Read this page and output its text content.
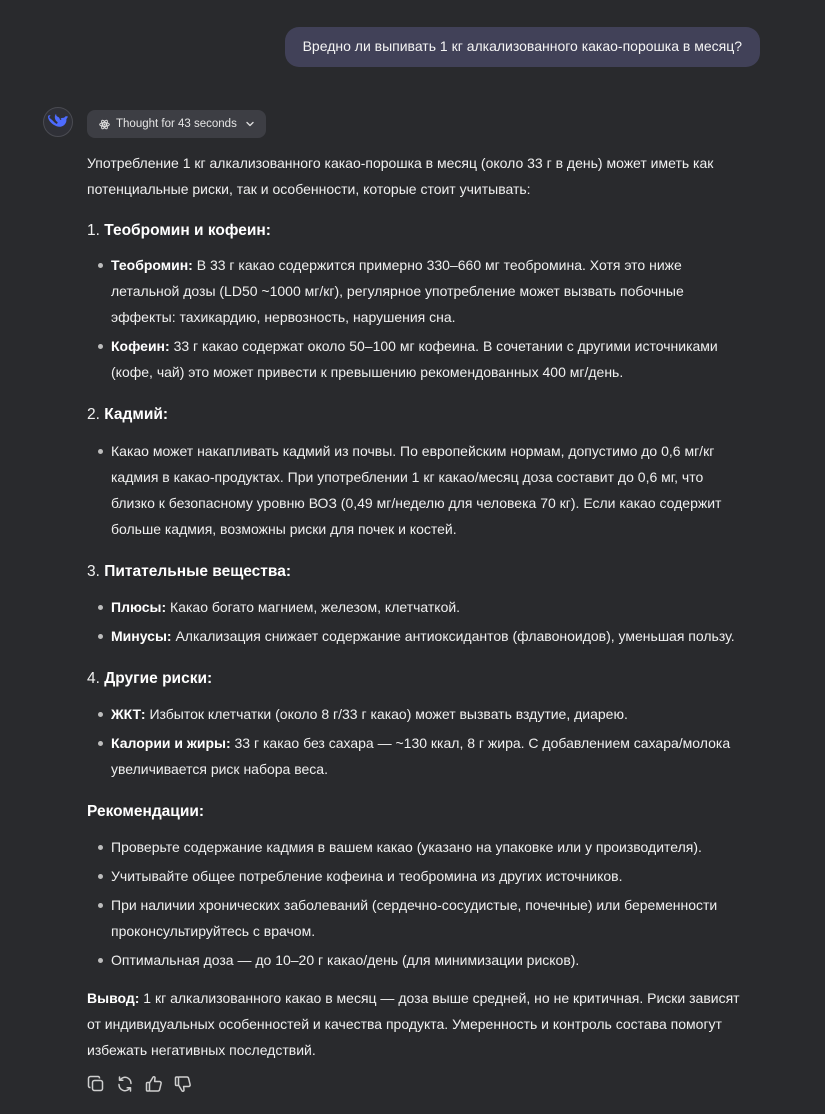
Вредно ли выпивать 1 кг алкализованного какао-порошка в месяц?
Thought for 43 seconds

Употребление 1 кг алкализованного какао-порошка в месяц (около 33 г в день) может иметь как потенциальные риски, так и особенности, которые стоит учитывать:

1. Теобромин и кофеин:
Теобромин: В 33 г какао содержится примерно 330–660 мг теобромина. Хотя это ниже летальной дозы (LD50 ~1000 мг/кг), регулярное употребление может вызвать побочные эффекты: тахикардию, нервозность, нарушения сна.
Кофеин: 33 г какао содержат около 50–100 мг кофеина. В сочетании с другими источниками (кофе, чай) это может привести к превышению рекомендованных 400 мг/день.
2. Кадмий:
Какао может накапливать кадмий из почвы. По европейским нормам, допустимо до 0,6 мг/кг кадмия в какао-продуктах. При употреблении 1 кг какао/месяц доза составит до 0,6 мг, что близко к безопасному уровню ВОЗ (0,49 мг/неделю для человека 70 кг). Если какао содержит больше кадмия, возможны риски для почек и костей.
3. Питательные вещества:
Плюсы: Какао богато магнием, железом, клетчаткой.
Минусы: Алкализация снижает содержание антиоксидантов (флавоноидов), уменьшая пользу.
4. Другие риски:
ЖКТ: Избыток клетчатки (около 8 г/33 г какао) может вызвать вздутие, диарею.
Калории и жиры: 33 г какао без сахара — ~130 ккал, 8 г жира. С добавлением сахара/молока увеличивается риск набора веса.
Рекомендации:
Проверьте содержание кадмия в вашем какао (указано на упаковке или у производителя).
Учитывайте общее потребление кофеина и теобромина из других источников.
При наличии хронических заболеваний (сердечно-сосудистые, почечные) или беременности проконсультируйтесь с врачом.
Оптимальная доза — до 10–20 г какао/день (для минимизации рисков).

Вывод: 1 кг алкализованного какао в месяц — доза выше средней, но не критичная. Риски зависят от индивидуальных особенностей и качества продукта. Умеренность и контроль состава помогут избежать негативных последствий.
